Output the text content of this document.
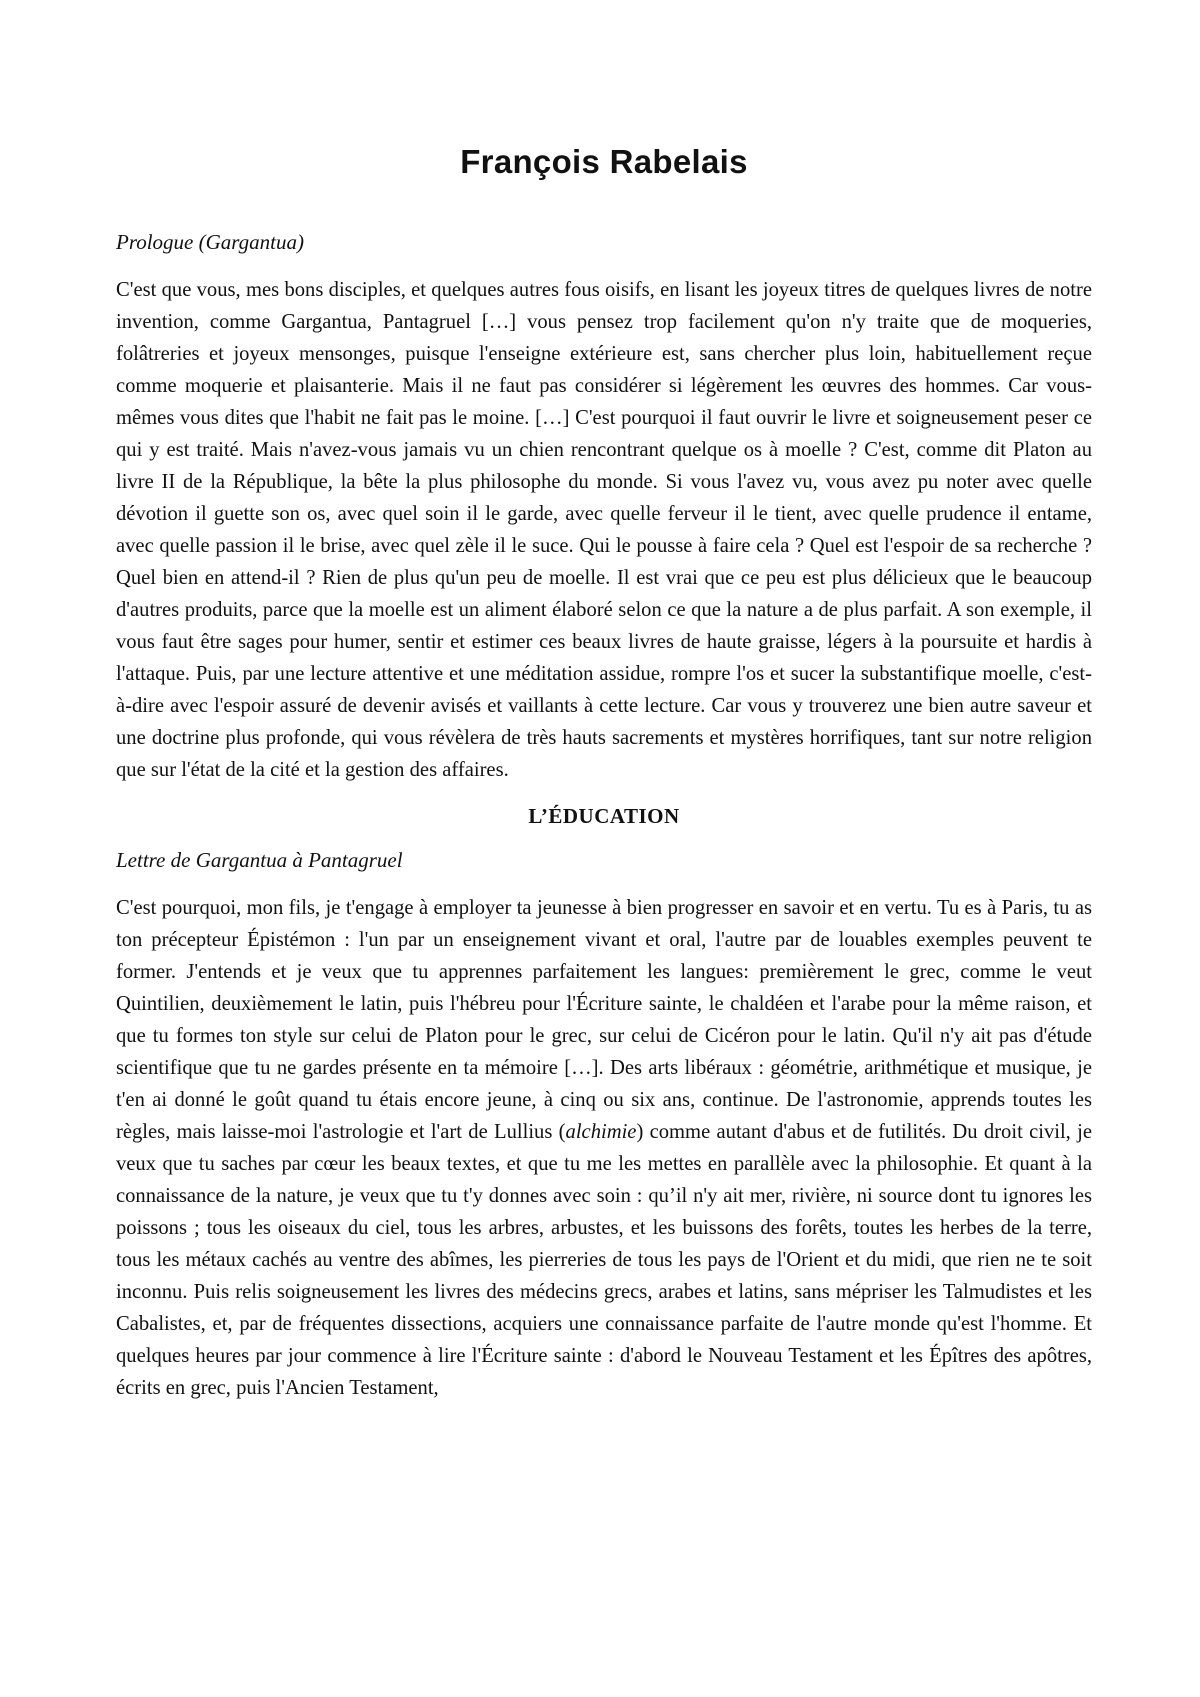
François Rabelais
Prologue (Gargantua)

C'est que vous, mes bons disciples, et quelques autres fous oisifs, en lisant les joyeux titres de quelques livres de notre invention, comme Gargantua, Pantagruel […] vous pensez trop facilement qu'on n'y traite que de moqueries, folâtreries et joyeux mensonges, puisque l'enseigne extérieure est, sans chercher plus loin, habituellement reçue comme moquerie et plaisanterie. Mais il ne faut pas considérer si légèrement les œuvres des hommes. Car vous-mêmes vous dites que l'habit ne fait pas le moine. […] C'est pourquoi il faut ouvrir le livre et soigneusement peser ce qui y est traité. Mais n'avez-vous jamais vu un chien rencontrant quelque os à moelle ? C'est, comme dit Platon au livre II de la République, la bête la plus philosophe du monde. Si vous l'avez vu, vous avez pu noter avec quelle dévotion il guette son os, avec quel soin il le garde, avec quelle ferveur il le tient, avec quelle prudence il entame, avec quelle passion il le brise, avec quel zèle il le suce. Qui le pousse à faire cela ? Quel est l'espoir de sa recherche ? Quel bien en attend-il ? Rien de plus qu'un peu de moelle. Il est vrai que ce peu est plus délicieux que le beaucoup d'autres produits, parce que la moelle est un aliment élaboré selon ce que la nature a de plus parfait. A son exemple, il vous faut être sages pour humer, sentir et estimer ces beaux livres de haute graisse, légers à la poursuite et hardis à l'attaque. Puis, par une lecture attentive et une méditation assidue, rompre l'os et sucer la substantifique moelle, c'est-à-dire avec l'espoir assuré de devenir avisés et vaillants à cette lecture. Car vous y trouverez une bien autre saveur et une doctrine plus profonde, qui vous révèlera de très hauts sacrements et mystères horrifiques, tant sur notre religion que sur l'état de la cité et la gestion des affaires.

L’ÉDUCATION
Lettre de Gargantua à Pantagruel

C'est pourquoi, mon fils, je t'engage à employer ta jeunesse à bien progresser en savoir et en vertu. Tu es à Paris, tu as ton précepteur Épistémon : l'un par un enseignement vivant et oral, l'autre par de louables exemples peuvent te former. J'entends et je veux que tu apprennes parfaitement les langues: premièrement le grec, comme le veut Quintilien, deuxièmement le latin, puis l'hébreu pour l'Écriture sainte, le chaldéen et l'arabe pour la même raison, et que tu formes ton style sur celui de Platon pour le grec, sur celui de Cicéron pour le latin. Qu'il n'y ait pas d'étude scientifique que tu ne gardes présente en ta mémoire […]. Des arts libéraux : géométrie, arithmétique et musique, je t'en ai donné le goût quand tu étais encore jeune, à cinq ou six ans, continue. De l'astronomie, apprends toutes les règles, mais laisse-moi l'astrologie et l'art de Lullius (alchimie) comme autant d'abus et de futilités. Du droit civil, je veux que tu saches par cœur les beaux textes, et que tu me les mettes en parallèle avec la philosophie. Et quant à la connaissance de la nature, je veux que tu t'y donnes avec soin : qu’il n'y ait mer, rivière, ni source dont tu ignores les poissons ; tous les oiseaux du ciel, tous les arbres, arbustes, et les buissons des forêts, toutes les herbes de la terre, tous les métaux cachés au ventre des abîmes, les pierreries de tous les pays de l'Orient et du midi, que rien ne te soit inconnu. Puis relis soigneusement les livres des médecins grecs, arabes et latins, sans mépriser les Talmudistes et les Cabalistes, et, par de fréquentes dissections, acquiers une connaissance parfaite de l'autre monde qu'est l'homme. Et quelques heures par jour commence à lire l'Écriture sainte : d'abord le Nouveau Testament et les Épîtres des apôtres, écrits en grec, puis l'Ancien Testament,
